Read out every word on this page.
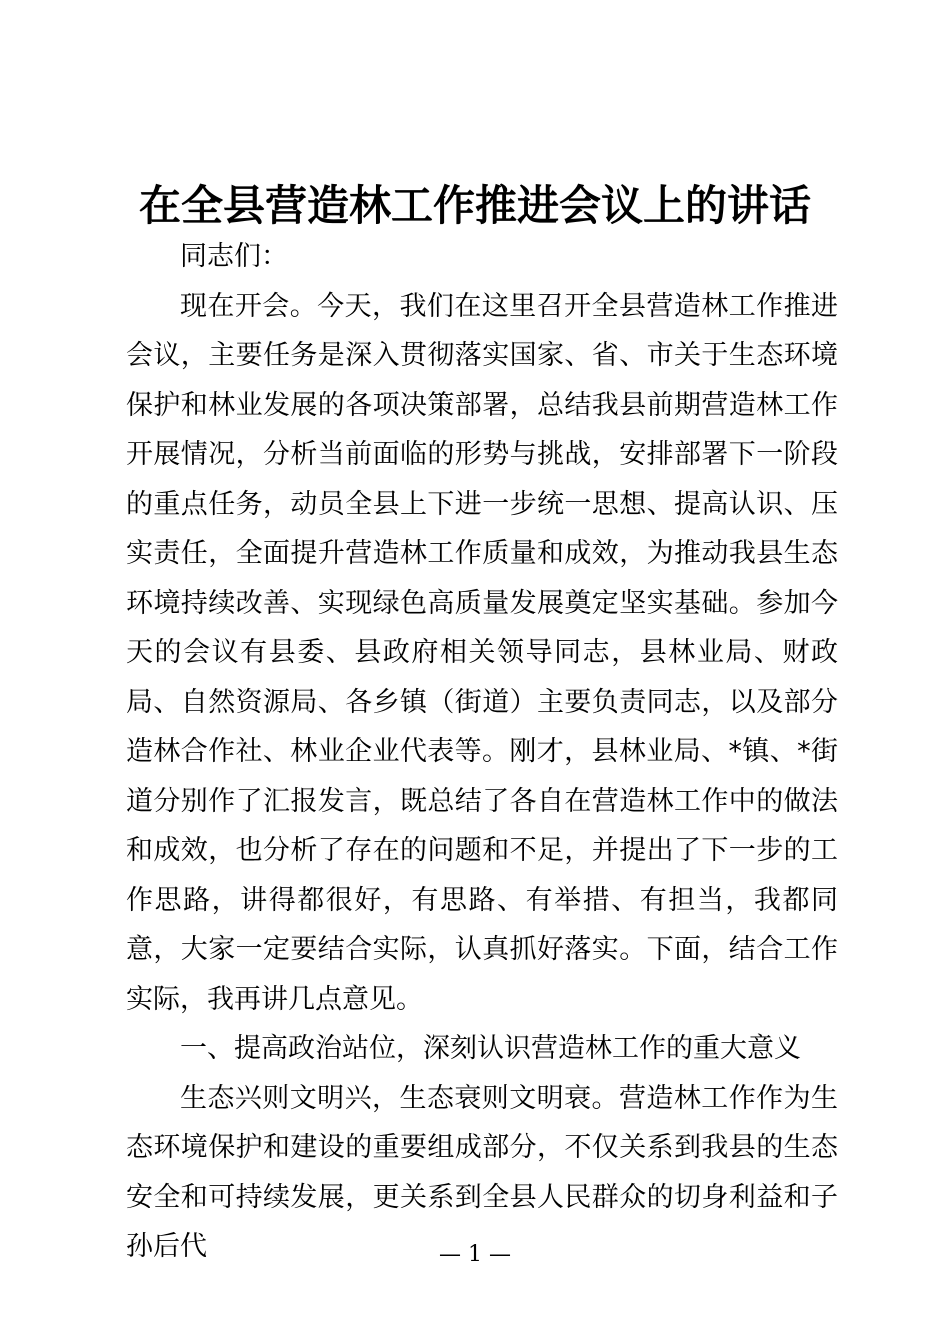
在全县营造林工作推进会议上的讲话

同志们：

现在开会。今天，我们在这里召开全县营造林工作推进会议，主要任务是深入贯彻落实国家、省、市关于生态环境保护和林业发展的各项决策部署，总结我县前期营造林工作开展情况，分析当前面临的形势与挑战，安排部署下一阶段的重点任务，动员全县上下进一步统一思想、提高认识、压实责任，全面提升营造林工作质量和成效，为推动我县生态环境持续改善、实现绿色高质量发展奠定坚实基础。参加今天的会议有县委、县政府相关领导同志，县林业局、财政局、自然资源局、各乡镇（街道）主要负责同志，以及部分造林合作社、林业企业代表等。刚才，县林业局、*镇、*街道分别作了汇报发言，既总结了各自在营造林工作中的做法和成效，也分析了存在的问题和不足，并提出了下一步的工作思路，讲得都很好，有思路、有举措、有担当，我都同意，大家一定要结合实际，认真抓好落实。下面，结合工作实际，我再讲几点意见。

一、提高政治站位，深刻认识营造林工作的重大意义

生态兴则文明兴，生态衰则文明衰。营造林工作作为生态环境保护和建设的重要组成部分，不仅关系到我县的生态安全和可持续发展，更关系到全县人民群众的切身利益和子孙后代	— 1 —
